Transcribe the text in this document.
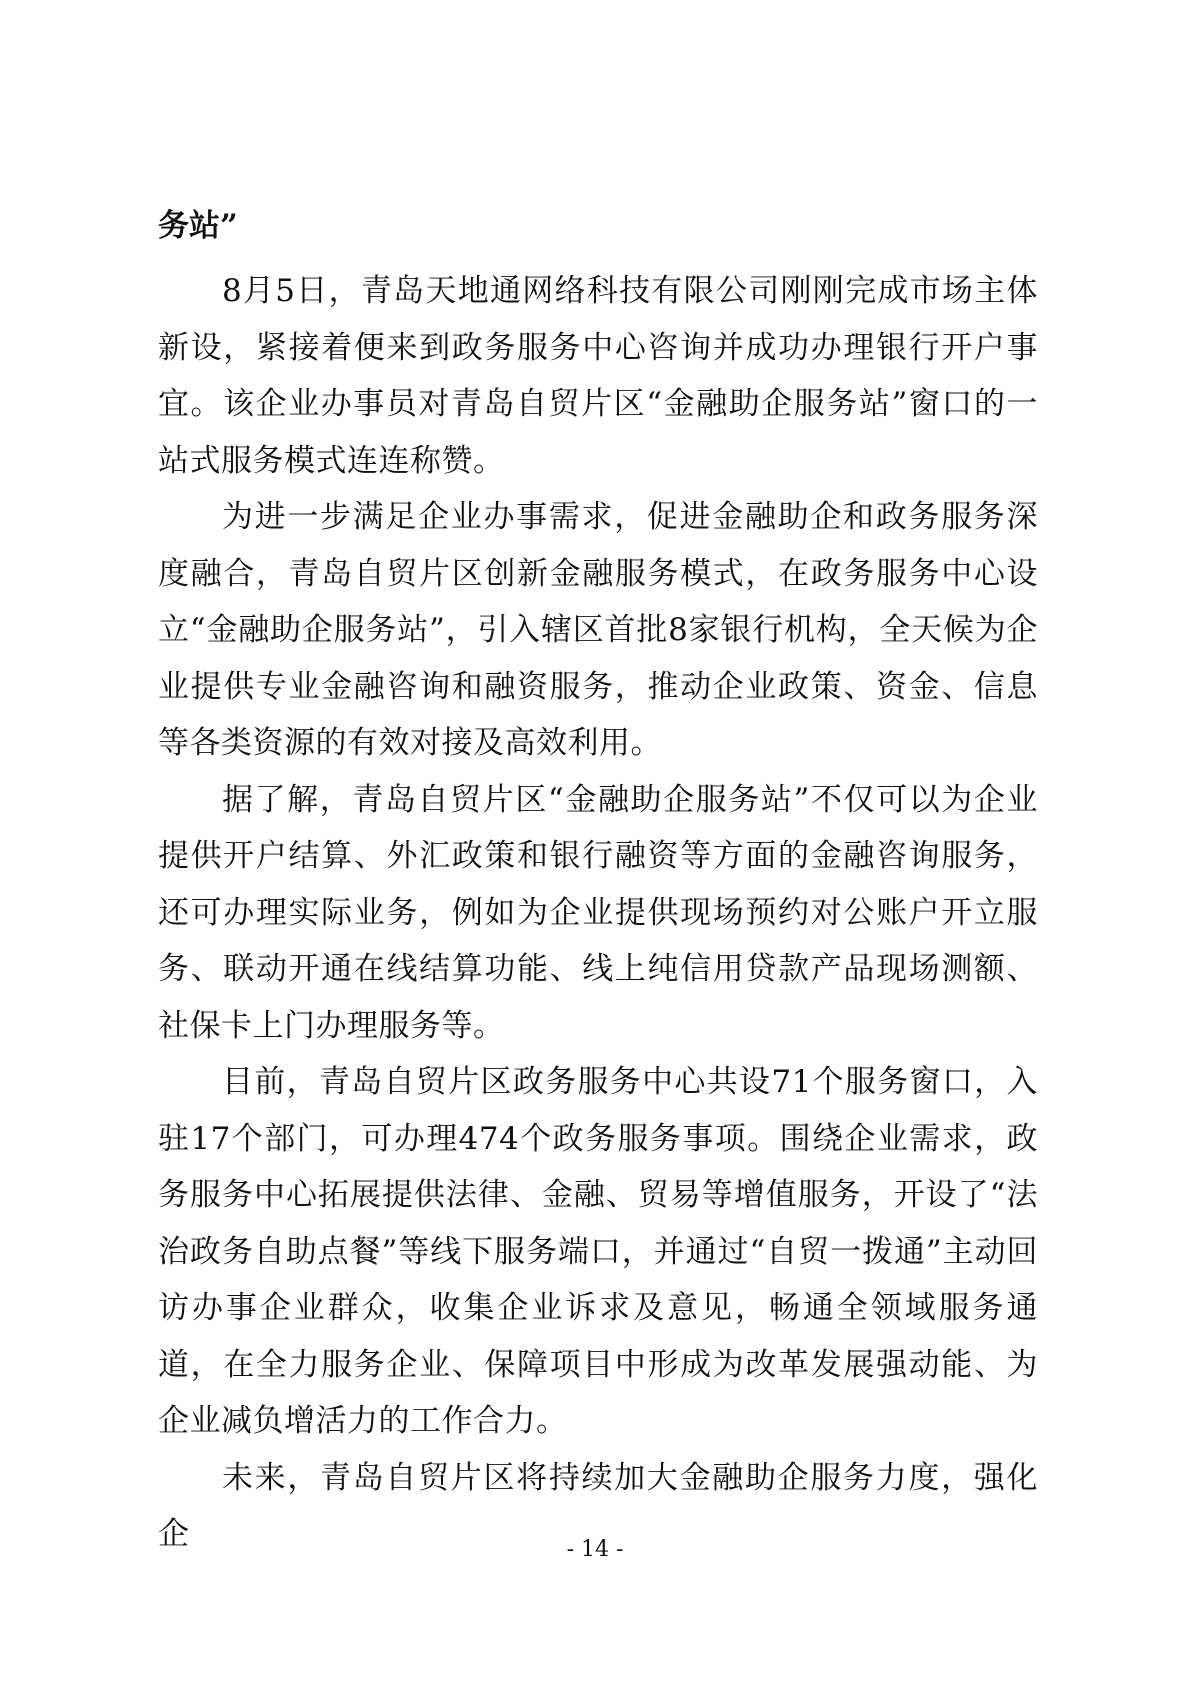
务站”

8月5日，青岛天地通网络科技有限公司刚刚完成市场主体新设，紧接着便来到政务服务中心咨询并成功办理银行开户事宜。该企业办事员对青岛自贸片区“金融助企服务站”窗口的一站式服务模式连连称赞。

为进一步满足企业办事需求，促进金融助企和政务服务深度融合，青岛自贸片区创新金融服务模式，在政务服务中心设立“金融助企服务站”，引入辖区首批8家银行机构，全天候为企业提供专业金融咨询和融资服务，推动企业政策、资金、信息等各类资源的有效对接及高效利用。

据了解，青岛自贸片区“金融助企服务站”不仅可以为企业提供开户结算、外汇政策和银行融资等方面的金融咨询服务，还可办理实际业务，例如为企业提供现场预约对公账户开立服务、联动开通在线结算功能、线上纯信用贷款产品现场测额、社保卡上门办理服务等。

目前，青岛自贸片区政务服务中心共设71个服务窗口，入驻17个部门，可办理474个政务服务事项。围绕企业需求，政务服务中心拓展提供法律、金融、贸易等增值服务，开设了“法治政务自助点餐”等线下服务端口，并通过“自贸一拨通”主动回访办事企业群众，收集企业诉求及意见，畅通全领域服务通道，在全力服务企业、保障项目中形成为改革发展强动能、为企业减负增活力的工作合力。

未来，青岛自贸片区将持续加大金融助企服务力度，强化企	- 14 -
